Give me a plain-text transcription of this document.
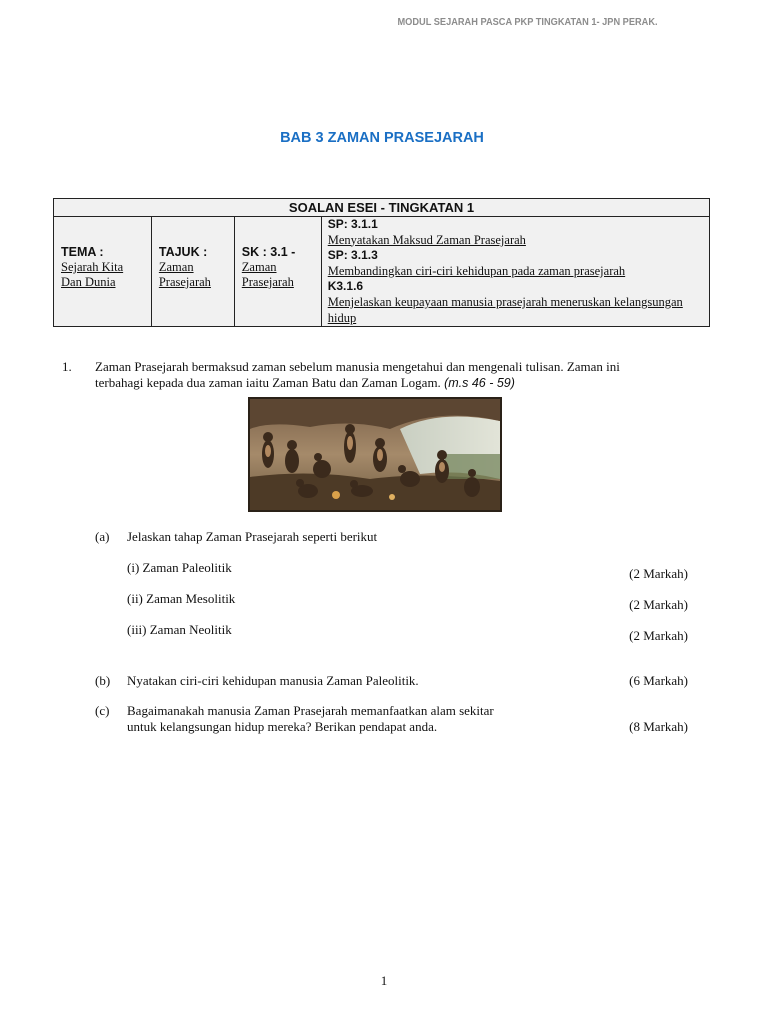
MODUL SEJARAH PASCA PKP TINGKATAN 1- JPN PERAK.
BAB 3 ZAMAN PRASEJARAH
SOALAN ESEI - TINGKATAN 1

TEMA :
Sejarah Kita
Dan Dunia

TAJUK :
Zaman
Prasejarah

SK : 3.1 -
Zaman
Prasejarah

SP: 3.1.1
Menyatakan Maksud Zaman Prasejarah
SP: 3.1.3
Membandingkan ciri-ciri kehidupan pada zaman prasejarah
K3.1.6
Menjelaskan keupayaan manusia prasejarah meneruskan kelangsungan hidup
1. Zaman Prasejarah bermaksud zaman sebelum manusia mengetahui dan mengenali tulisan. Zaman ini
terbahagi kepada dua zaman iaitu Zaman Batu dan Zaman Logam. (m.s 46 - 59)
(a) Jelaskan tahap Zaman Prasejarah seperti berikut
(i) Zaman Paleolitik	(2 Markah)
(ii) Zaman Mesolitik	(2 Markah)
(iii) Zaman Neolitik	(2 Markah)
(b) Nyatakan ciri-ciri kehidupan manusia Zaman Paleolitik.	(6 Markah)
(c) Bagaimanakah manusia Zaman Prasejarah memanfaatkan alam sekitar
untuk kelangsungan hidup mereka? Berikan pendapat anda.	(8 Markah)
1
